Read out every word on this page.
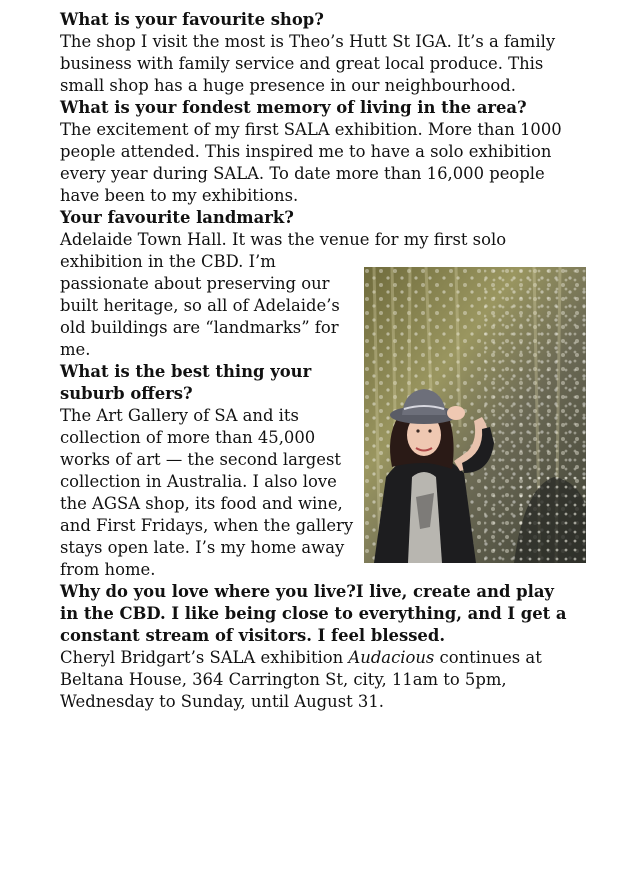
What is your favourite shop?

The shop I visit the most is Theo’s Hutt St IGA. It’s a family business with family service and great local produce. This small shop has a huge presence in our neighbourhood.

What is your fondest memory of living in the area?

The excitement of my first SALA exhibition. More than 1000 people attended. This inspired me to have a solo exhibition every year during SALA. To date more than 16,000 people have been to my exhibitions.

Your favourite landmark?

Adelaide Town Hall. It was the venue for my first solo

exhibition in the CBD. I’m

passionate about preserving our built heritage, so all of Adelaide’s old buildings are “landmarks” for me.

What is the best thing your suburb offers?

The Art Gallery of SA and its collection of more than 45,000 works of art — the second largest collection in Australia. I also love the AGSA shop, its food and wine, and First Fridays, when the gallery stays open late. I’s my home away from home.

Why do you love where you live?I live, create and play in the CBD. I like being close to everything, and I get a constant stream of visitors. I feel blessed.

Cheryl Bridgart’s SALA exhibition Audacious continues at Beltana House, 364 Carrington St, city, 11am to 5pm, Wednesday to Sunday, until August 31.
